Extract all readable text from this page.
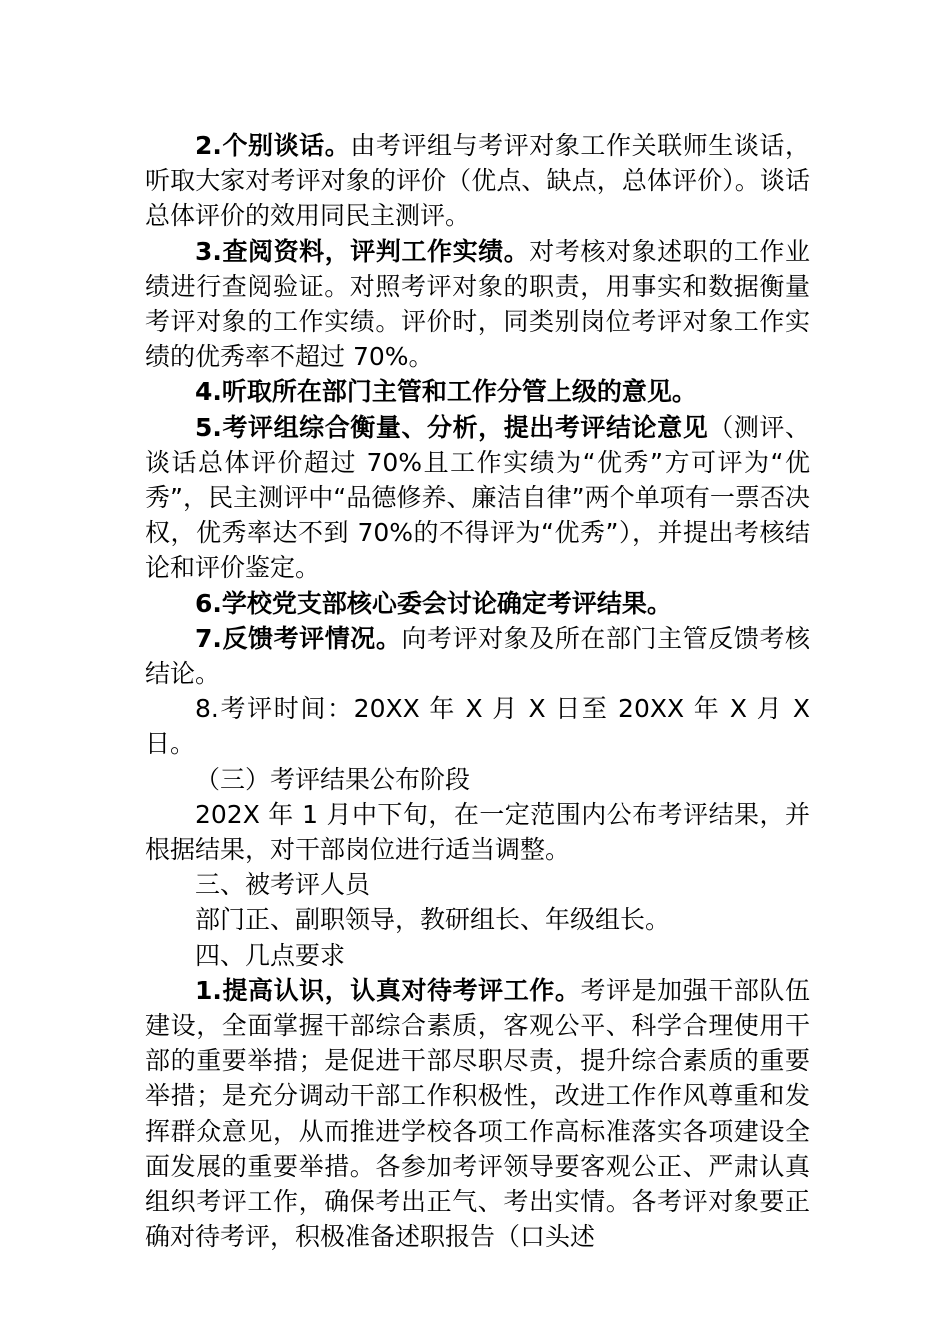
2.个别谈话。由考评组与考评对象工作关联师生谈话，听取大家对考评对象的评价（优点、缺点，总体评价）。谈话总体评价的效用同民主测评。

3.查阅资料，评判工作实绩。对考核对象述职的工作业绩进行查阅验证。对照考评对象的职责，用事实和数据衡量考评对象的工作实绩。评价时，同类别岗位考评对象工作实绩的优秀率不超过 70%。

4.听取所在部门主管和工作分管上级的意见。

5.考评组综合衡量、分析，提出考评结论意见（测评、谈话总体评价超过 70%且工作实绩为“优秀”方可评为“优秀”，民主测评中“品德修养、廉洁自律”两个单项有一票否决权，优秀率达不到 70%的不得评为“优秀”），并提出考核结论和评价鉴定。

6.学校党支部核心委会讨论确定考评结果。

7.反馈考评情况。向考评对象及所在部门主管反馈考核结论。

8.考评时间：20XX 年 X 月 X 日至 20XX 年 X 月 X 日。

（三）考评结果公布阶段

202X 年 1 月中下旬，在一定范围内公布考评结果，并根据结果，对干部岗位进行适当调整。

三、被考评人员

部门正、副职领导，教研组长、年级组长。

四、几点要求

1.提高认识，认真对待考评工作。考评是加强干部队伍建设，全面掌握干部综合素质，客观公平、科学合理使用干部的重要举措；是促进干部尽职尽责，提升综合素质的重要举措；是充分调动干部工作积极性，改进工作作风尊重和发挥群众意见，从而推进学校各项工作高标准落实各项建设全面发展的重要举措。各参加考评领导要客观公正、严肃认真组织考评工作，确保考出正气、考出实情。各考评对象要正确对待考评，积极准备述职报告（口头述
